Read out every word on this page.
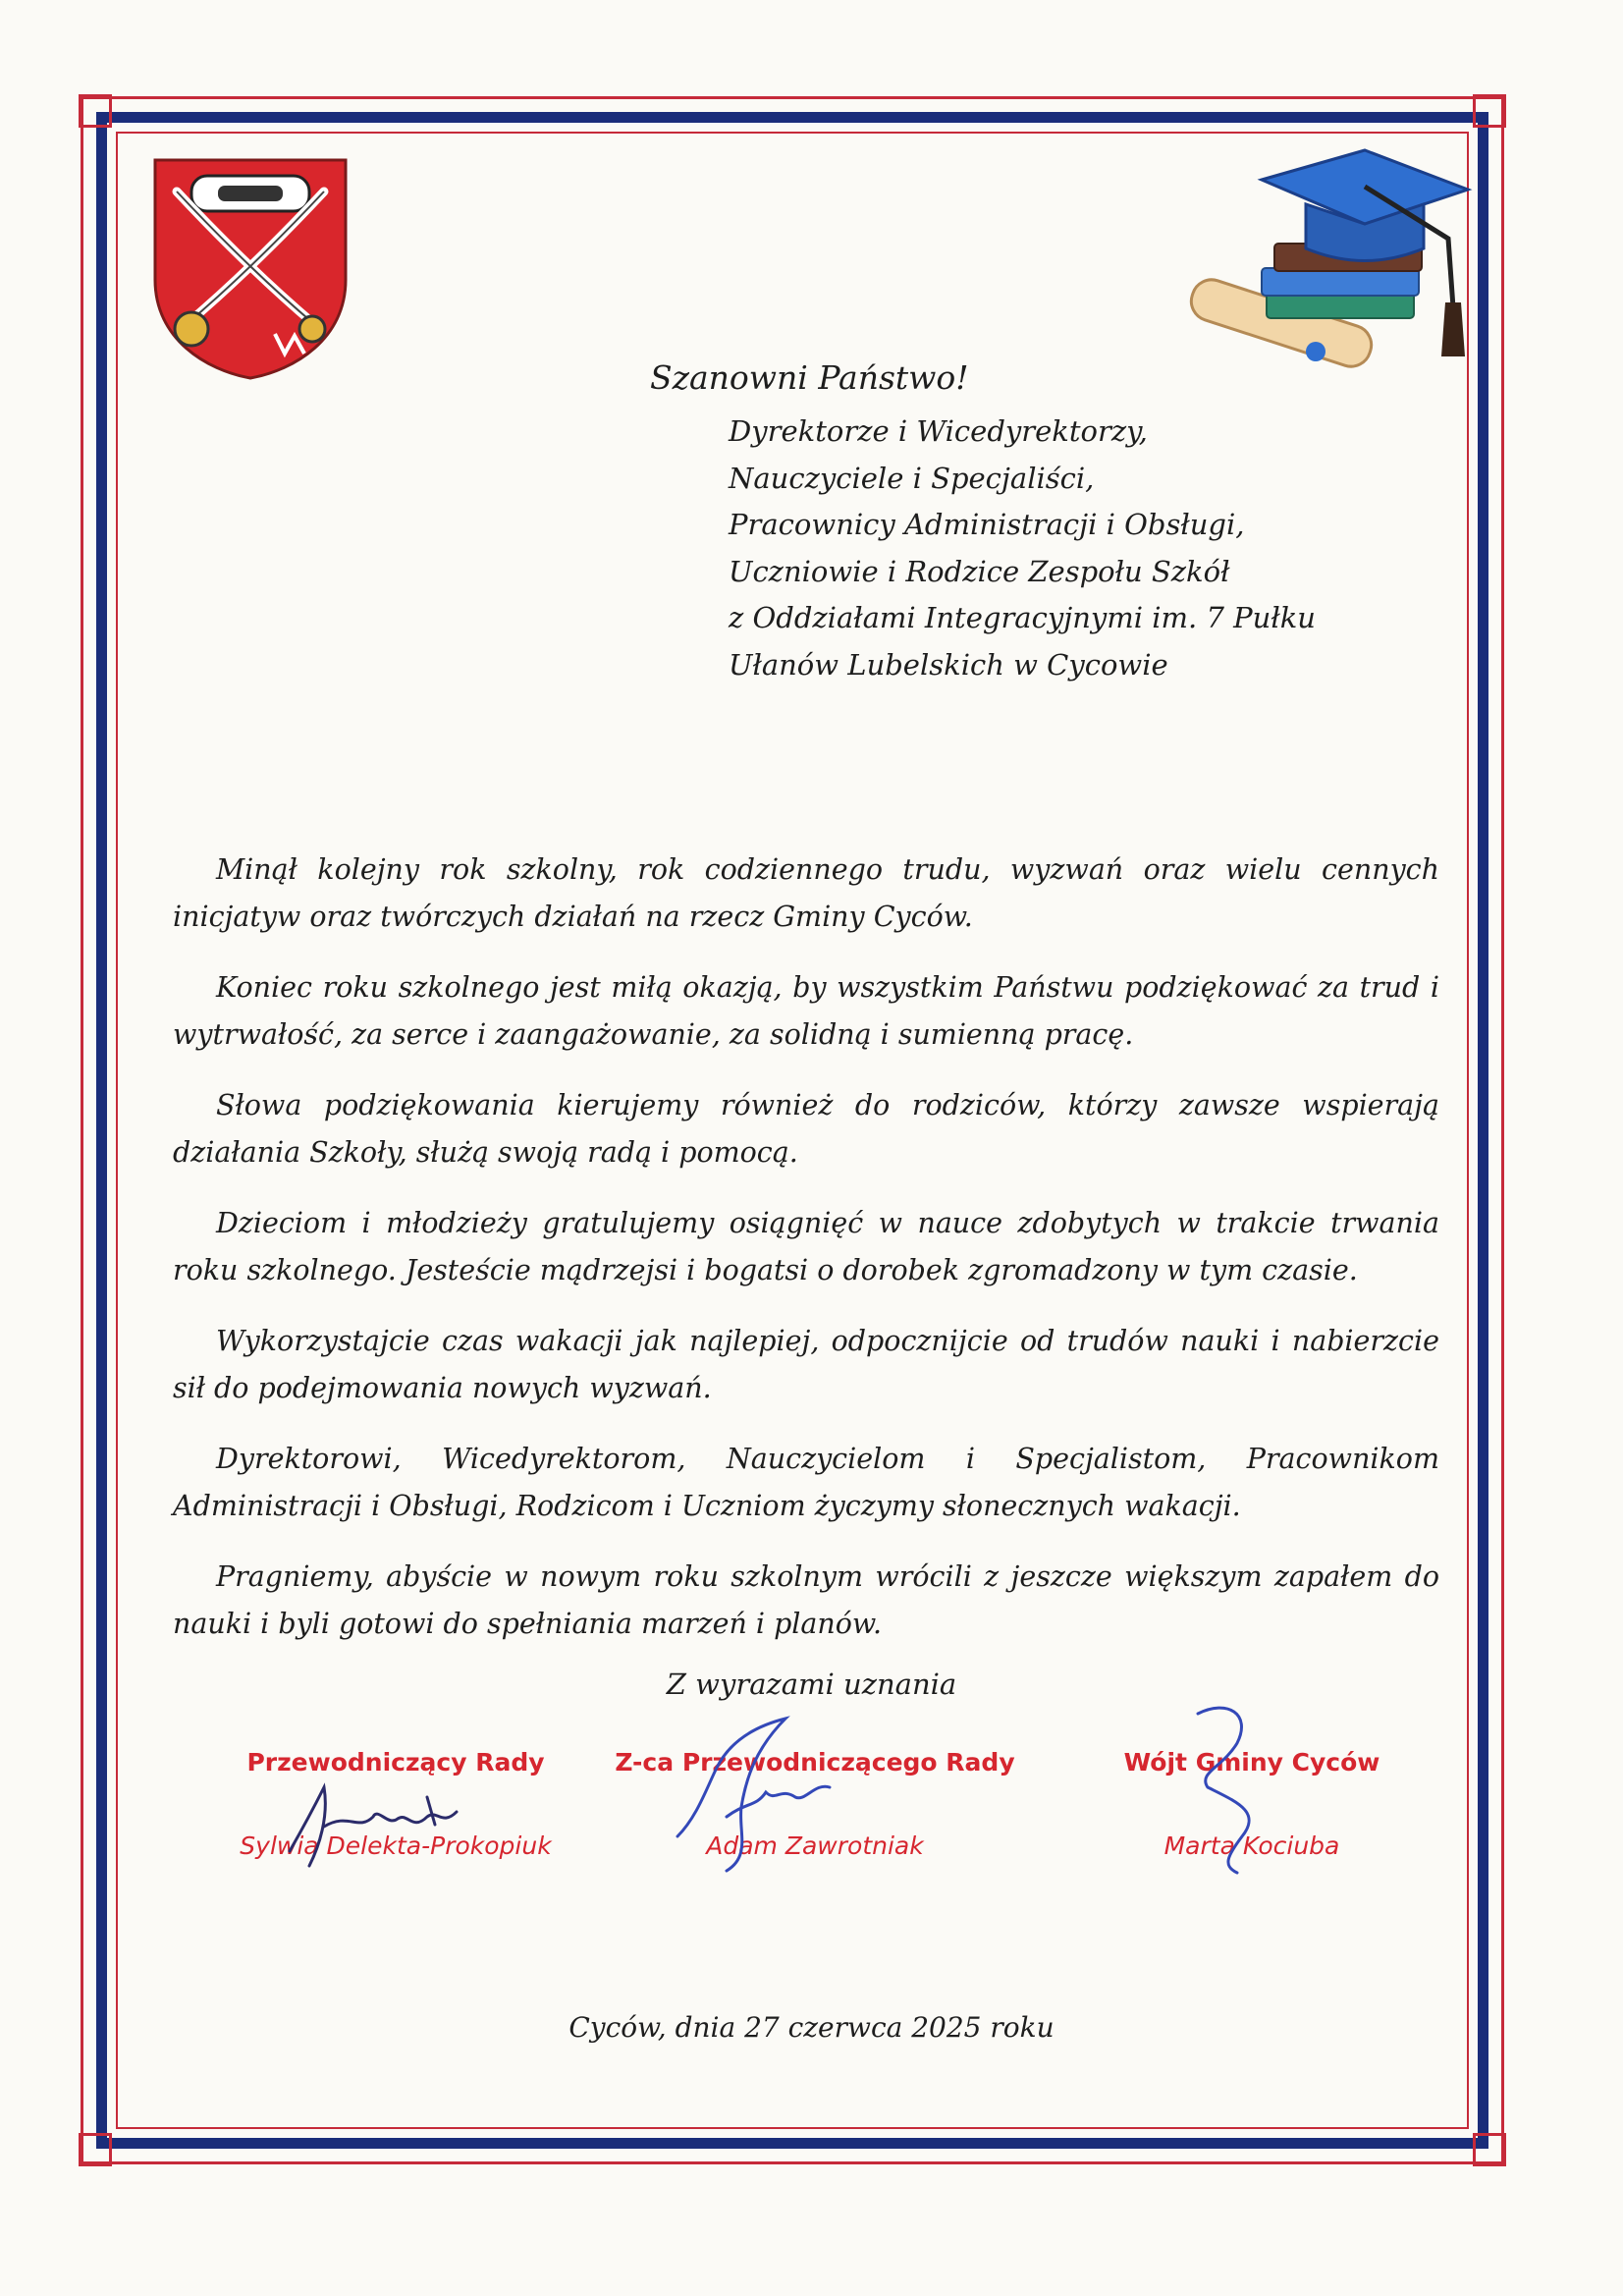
Szanowni Państwo!
Dyrektorze i Wicedyrektorzy,
Nauczyciele i Specjaliści,
Pracownicy Administracji i Obsługi,
Uczniowie i Rodzice Zespołu Szkół
z Oddziałami Integracyjnymi im. 7 Pułku
Ułanów Lubelskich w Cycowie

Minął kolejny rok szkolny, rok codziennego trudu, wyzwań oraz wielu cennych inicjatyw oraz twórczych działań na rzecz Gminy Cyców.

Koniec roku szkolnego jest miłą okazją, by wszystkim Państwu podziękować za trud i wytrwałość, za serce i zaangażowanie, za solidną i sumienną pracę.

Słowa podziękowania kierujemy również do rodziców, którzy zawsze wspierają działania Szkoły, służą swoją radą i pomocą.

Dzieciom i młodzieży gratulujemy osiągnięć w nauce zdobytych w trakcie trwania roku szkolnego. Jesteście mądrzejsi i bogatsi o dorobek zgromadzony w tym czasie.

Wykorzystajcie czas wakacji jak najlepiej, odpocznijcie od trudów nauki i nabierzcie sił do podejmowania nowych wyzwań.

Dyrektorowi, Wicedyrektorom, Nauczycielom i Specjalistom, Pracownikom Administracji i Obsługi, Rodzicom i Uczniom życzymy słonecznych wakacji.

Pragniemy, abyście w nowym roku szkolnym wrócili z jeszcze większym zapałem do nauki i byli gotowi do spełniania marzeń i planów.

Z wyrazami uznania
Przewodniczący Rady
Sylwia Delekta-Prokopiuk
Z-ca Przewodniczącego Rady
Adam Zawrotniak
Wójt Gminy Cyców
Marta Kociuba
Cyców, dnia 27 czerwca 2025 roku
